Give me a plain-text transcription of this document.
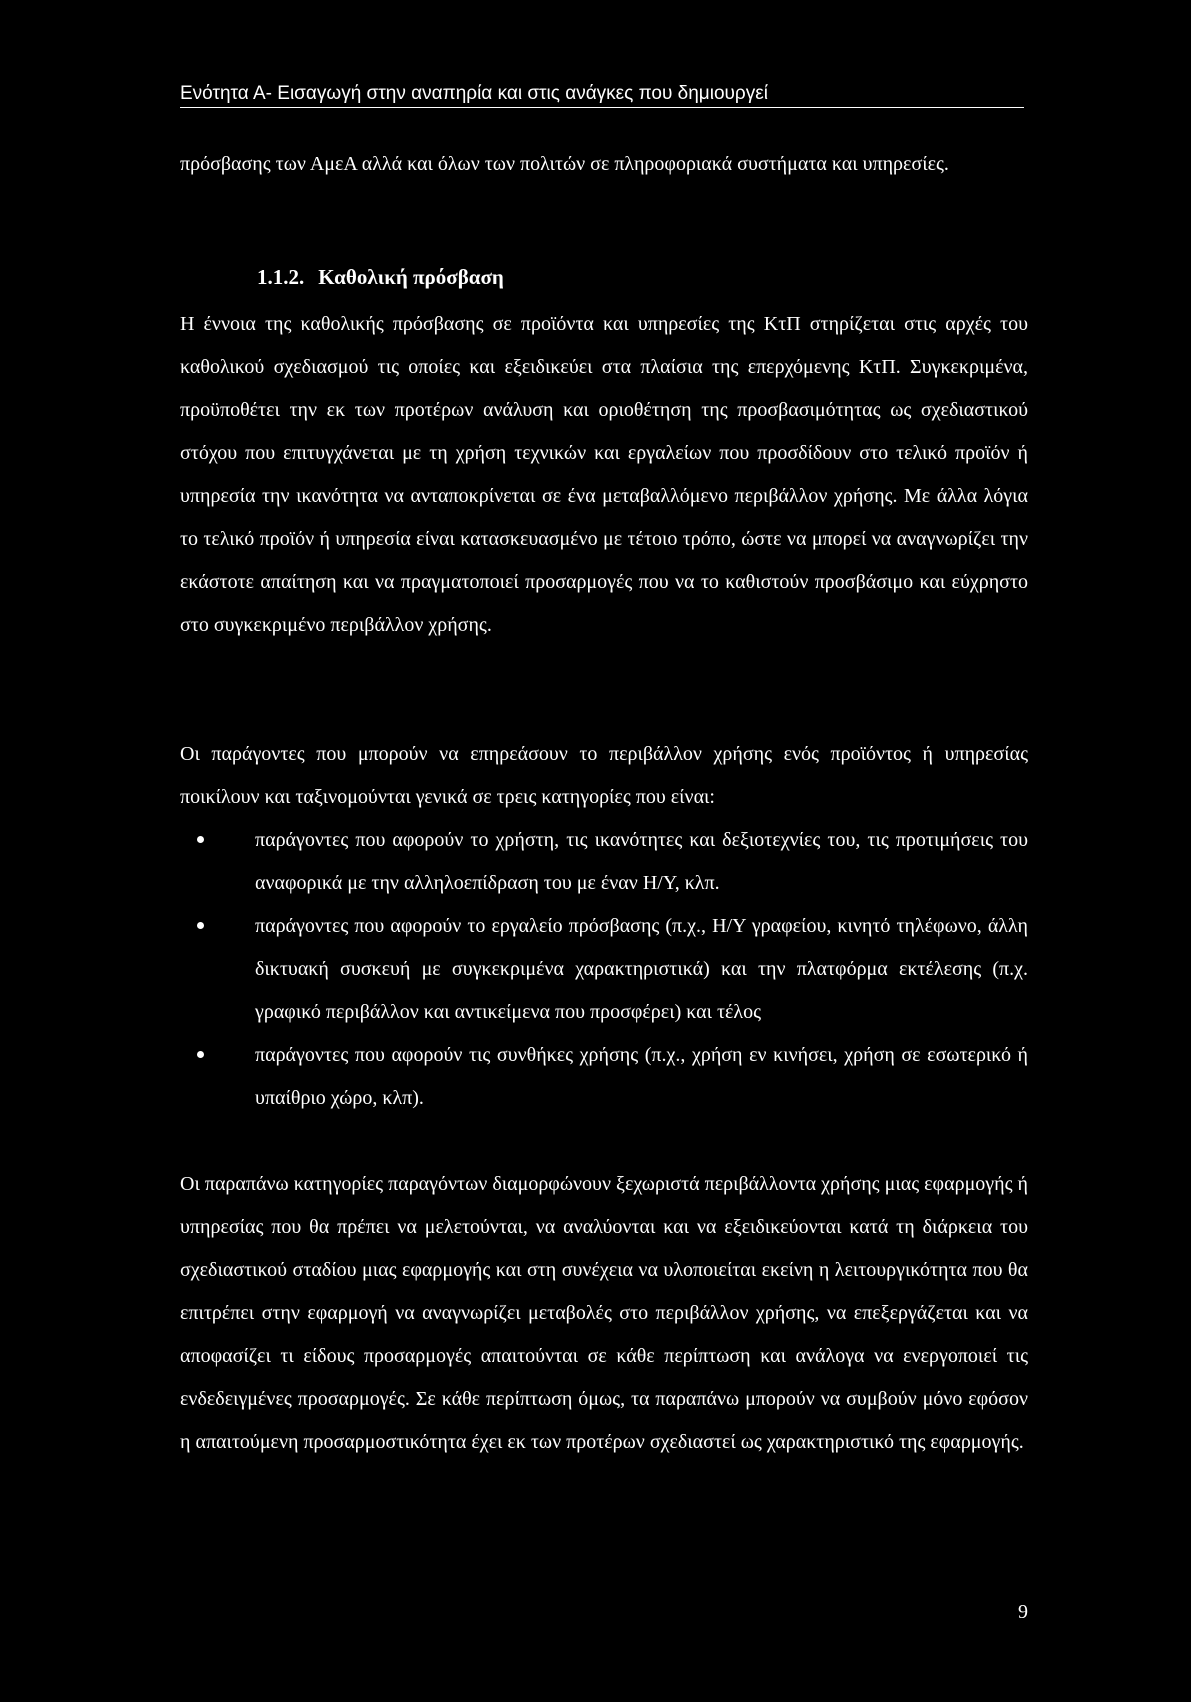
Ενότητα Α- Εισαγωγή στην αναπηρία και στις ανάγκες που δημιουργεί

πρόσβασης των ΑμεΑ αλλά και όλων των πολιτών σε πληροφοριακά συστήματα και υπηρεσίες.

1.1.2. Καθολική πρόσβαση

Η έννοια της καθολικής πρόσβασης σε προϊόντα και υπηρεσίες της ΚτΠ στηρίζεται στις αρχές του καθολικού σχεδιασμού τις οποίες και εξειδικεύει στα πλαίσια της επερχόμενης ΚτΠ. Συγκεκριμένα, προϋποθέτει την εκ των προτέρων ανάλυση και οριοθέτηση της προσβασιμότητας ως σχεδιαστικού στόχου που επιτυγχάνεται με τη χρήση τεχνικών και εργαλείων που προσδίδουν στο τελικό προϊόν ή υπηρεσία την ικανότητα να ανταποκρίνεται σε ένα μεταβαλλόμενο περιβάλλον χρήσης. Με άλλα λόγια το τελικό προϊόν ή υπηρεσία είναι κατασκευασμένο με τέτοιο τρόπο, ώστε να μπορεί να αναγνωρίζει την εκάστοτε απαίτηση και να πραγματοποιεί προσαρμογές που να το καθιστούν προσβάσιμο και εύχρηστο στο συγκεκριμένο περιβάλλον χρήσης.

Οι παράγοντες που μπορούν να επηρεάσουν το περιβάλλον χρήσης ενός προϊόντος ή υπηρεσίας ποικίλουν και ταξινομούνται γενικά σε τρεις κατηγορίες που είναι:

παράγοντες που αφορούν το χρήστη, τις ικανότητες και δεξιοτεχνίες του, τις προτιμήσεις του αναφορικά με την αλληλοεπίδραση του με έναν Η/Υ, κλπ.
παράγοντες που αφορούν το εργαλείο πρόσβασης (π.χ., Η/Υ γραφείου, κινητό τηλέφωνο, άλλη δικτυακή συσκευή με συγκεκριμένα χαρακτηριστικά) και την πλατφόρμα εκτέλεσης (π.χ. γραφικό περιβάλλον και αντικείμενα που προσφέρει) και τέλος
παράγοντες που αφορούν τις συνθήκες χρήσης (π.χ., χρήση εν κινήσει, χρήση σε εσωτερικό ή υπαίθριο χώρο, κλπ).

Οι παραπάνω κατηγορίες παραγόντων διαμορφώνουν ξεχωριστά περιβάλλοντα χρήσης μιας εφαρμογής ή υπηρεσίας που θα πρέπει να μελετούνται, να αναλύονται και να εξειδικεύονται κατά τη διάρκεια του σχεδιαστικού σταδίου μιας εφαρμογής και στη συνέχεια να υλοποιείται εκείνη η λειτουργικότητα που θα επιτρέπει στην εφαρμογή να αναγνωρίζει μεταβολές στο περιβάλλον χρήσης, να επεξεργάζεται και να αποφασίζει τι είδους προσαρμογές απαιτούνται σε κάθε περίπτωση και ανάλογα να ενεργοποιεί τις ενδεδειγμένες προσαρμογές. Σε κάθε περίπτωση όμως, τα παραπάνω μπορούν να συμβούν μόνο εφόσον η απαιτούμενη προσαρμοστικότητα έχει εκ των προτέρων σχεδιαστεί ως χαρακτηριστικό της εφαρμογής.

9
